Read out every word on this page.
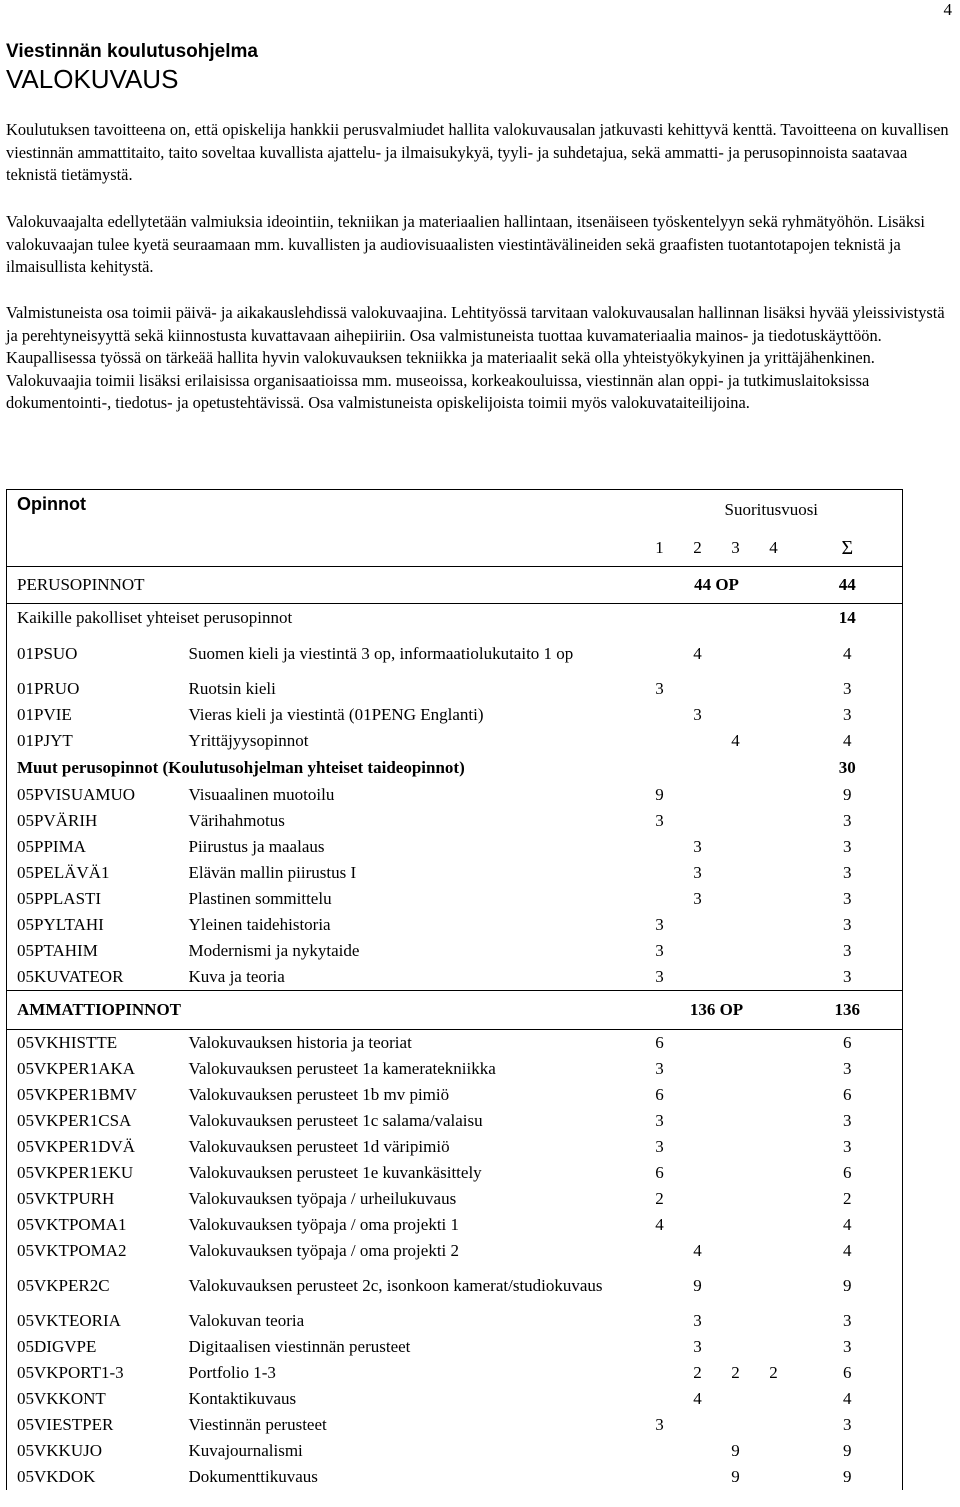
4
Viestinnän koulutusohjelma
VALOKUVAUS
Koulutuksen tavoitteena on, että opiskelija hankkii perusvalmiudet hallita valokuvausalan jatkuvasti kehittyvä kenttä. Tavoitteena on kuvallisen viestinnän ammattitaito, taito soveltaa kuvallista ajattelu- ja ilmaisukykyä, tyyli- ja suhdetajua, sekä ammatti- ja perusopinnoista saatavaa teknistä tietämystä.
Valokuvaajalta edellytetään valmiuksia ideointiin, tekniikan ja materiaalien hallintaan, itsenäiseen työskentelyyn sekä ryhmätyöhön. Lisäksi valokuvaajan tulee kyetä seuraamaan mm. kuvallisten ja audiovisuaalisten viestintävälineiden sekä graafisten tuotantotapojen teknistä ja ilmaisullista kehitystä.
Valmistuneista osa toimii päivä- ja aikakauslehdissä valokuvaajina. Lehtityössä tarvitaan valokuvausalan hallinnan lisäksi hyvää yleissivistystä ja perehtyneisyyttä sekä kiinnostusta kuvattavaan aihepiiriin. Osa valmistuneista tuottaa kuvamateriaalia mainos- ja tiedotuskäyttöön. Kaupallisessa työssä on tärkeää hallita hyvin valokuvauksen tekniikka ja materiaalit sekä olla yhteistyökykyinen ja yrittäjähenkinen. Valokuvaajia toimii lisäksi erilaisissa organisaatioissa mm. museoissa, korkeakouluissa, viestinnän alan oppi- ja tutkimuslaitoksissa dokumentointi-, tiedotus- ja opetustehtävissä. Osa valmistuneista opiskelijoista toimii myös valokuvataiteilijoina.
Opinnot		Suoritusvuosi				
		1	2	3	4	Σ
PERUSOPINNOT		44 OP				44
Kaikille pakolliset yhteiset perusopinnot						14
01PSUO	Suomen kieli ja viestintä 3 op, informaatiolukutaito 1 op		4			4
01PRUO	Ruotsin kieli	3				3
01PVIE	Vieras kieli ja viestintä (01PENG Englanti)		3			3
01PJYT	Yrittäjyysopinnot			4		4
Muut perusopinnot (Koulutusohjelman yhteiset taideopinnot)						30
05PVISUAMUO	Visuaalinen muotoilu	9				9
05PVÄRIH	Värihahmotus	3				3
05PPIMA	Piirustus ja maalaus		3			3
05PELÄVÄ1	Elävän mallin piirustus I		3			3
05PPLASTI	Plastinen sommittelu		3			3
05PYLTAHI	Yleinen taidehistoria	3				3
05PTAHIM	Modernismi ja nykytaide	3				3
05KUVATEOR	Kuva ja teoria	3				3
AMMATTIOPINNOT		136 OP				136
05VKHISTTE	Valokuvauksen historia ja teoriat	6				6
05VKPER1AKA	Valokuvauksen perusteet 1a kameratekniikka	3				3
05VKPER1BMV	Valokuvauksen perusteet 1b mv pimiö	6				6
05VKPER1CSA	Valokuvauksen perusteet 1c salama/valaisu	3				3
05VKPER1DVÄ	Valokuvauksen perusteet 1d väripimiö	3				3
05VKPER1EKU	Valokuvauksen perusteet 1e kuvankäsittely	6				6
05VKTPURH	Valokuvauksen työpaja / urheilukuvaus	2				2
05VKTPOMA1	Valokuvauksen työpaja / oma projekti 1	4				4
05VKTPOMA2	Valokuvauksen työpaja / oma projekti 2		4			4
05VKPER2C	Valokuvauksen perusteet 2c, isonkoon kamerat/studiokuvaus		9			9
05VKTEORIA	Valokuvan teoria		3			3
05DIGVPE	Digitaalisen viestinnän perusteet		3			3
05VKPORT1-3	Portfolio 1-3		2	2	2	6
05VKKONT	Kontaktikuvaus		4			4
05VIESTPER	Viestinnän perusteet	3				3
05VKKUJO	Kuvajournalismi			9		9
05VKDOK	Dokumenttikuvaus			9		9
